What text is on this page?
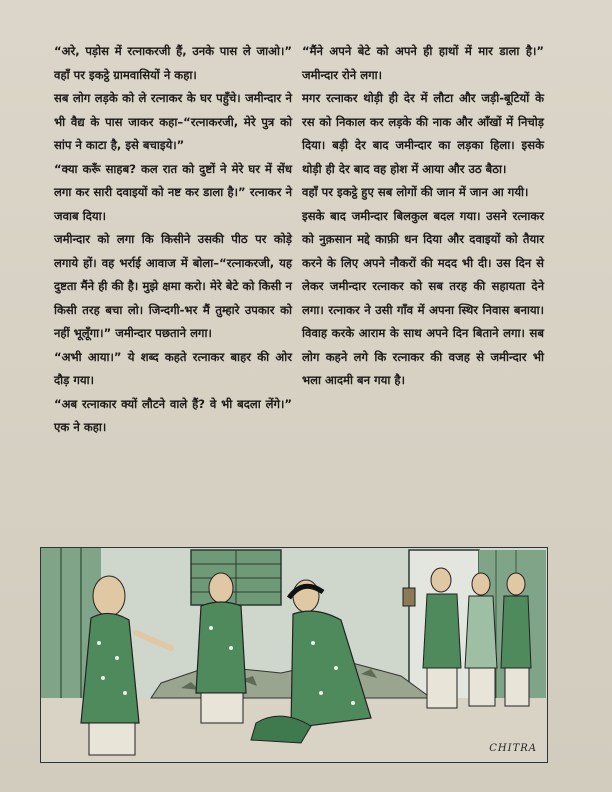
“अरे, पड़ोस में रत्नाकरजी हैं, उनके पास ले जाओ।” वहाँ पर इकट्ठे ग्रामवासियों ने कहा।

सब लोग लड़के को ले रत्नाकर के घर पहुँचे। जमीन्दार ने भी वैद्य के पास जाकर कहा–“रत्नाकरजी, मेरे पुत्र को सांप ने काटा है, इसे बचाइये।”

“क्या करूँ साहब? कल रात को दुष्टों ने मेरे घर में सेंध लगा कर सारी दवाइयों को नष्ट कर डाला है।” रत्नाकर ने जवाब दिया।

जमीन्दार को लगा कि किसीने उसकी पीठ पर कोड़े लगाये हों। वह भर्राई आवाज में बोला–“रत्नाकरजी, यह दुष्टता मैंने ही की है। मुझे क्षमा करो। मेरे बेटे को किसी न किसी तरह बचा लो। जिन्दगी-भर मैं तुम्हारे उपकार को नहीं भूलूँगा।” जमीन्दार पछताने लगा।

“अभी आया।” ये शब्द कहते रत्नाकर बाहर की ओर दौड़ गया।

“अब रत्नाकार क्यों लौटने वाले हैं? वे भी बदला लेंगे।” एक ने कहा।

“मैंने अपने बेटे को अपने ही हाथों में मार डाला है।” जमीन्दार रोने लगा।

मगर रत्नाकर थोड़ी ही देर में लौटा और जड़ी-बूटियों के रस को निकाल कर लड़के की नाक और आँखों में निचोड़ दिया। बड़ी देर बाद जमीन्दार का लड़का हिला। इसके थोड़ी ही देर बाद वह होश में आया और उठ बैठा।

वहाँ पर इकट्ठे हुए सब लोगों की जान में जान आ गयी।

इसके बाद जमीन्दार बिलकुल बदल गया। उसने रत्नाकर को नुक़सान मद्दे काफ़ी धन दिया और दवाइयों को तैयार करने के लिए अपने नौकरों की मदद भी दी। उस दिन से लेकर जमीन्दार रत्नाकर को सब तरह की सहायता देने लगा। रत्नाकर ने उसी गाँव में अपना स्थिर निवास बनाया। विवाह करके आराम के साथ अपने दिन बिताने लगा। सब लोग कहने लगे कि रत्नाकर की वजह से जमीन्दार भी भला आदमी बन गया है।

CHITRA
